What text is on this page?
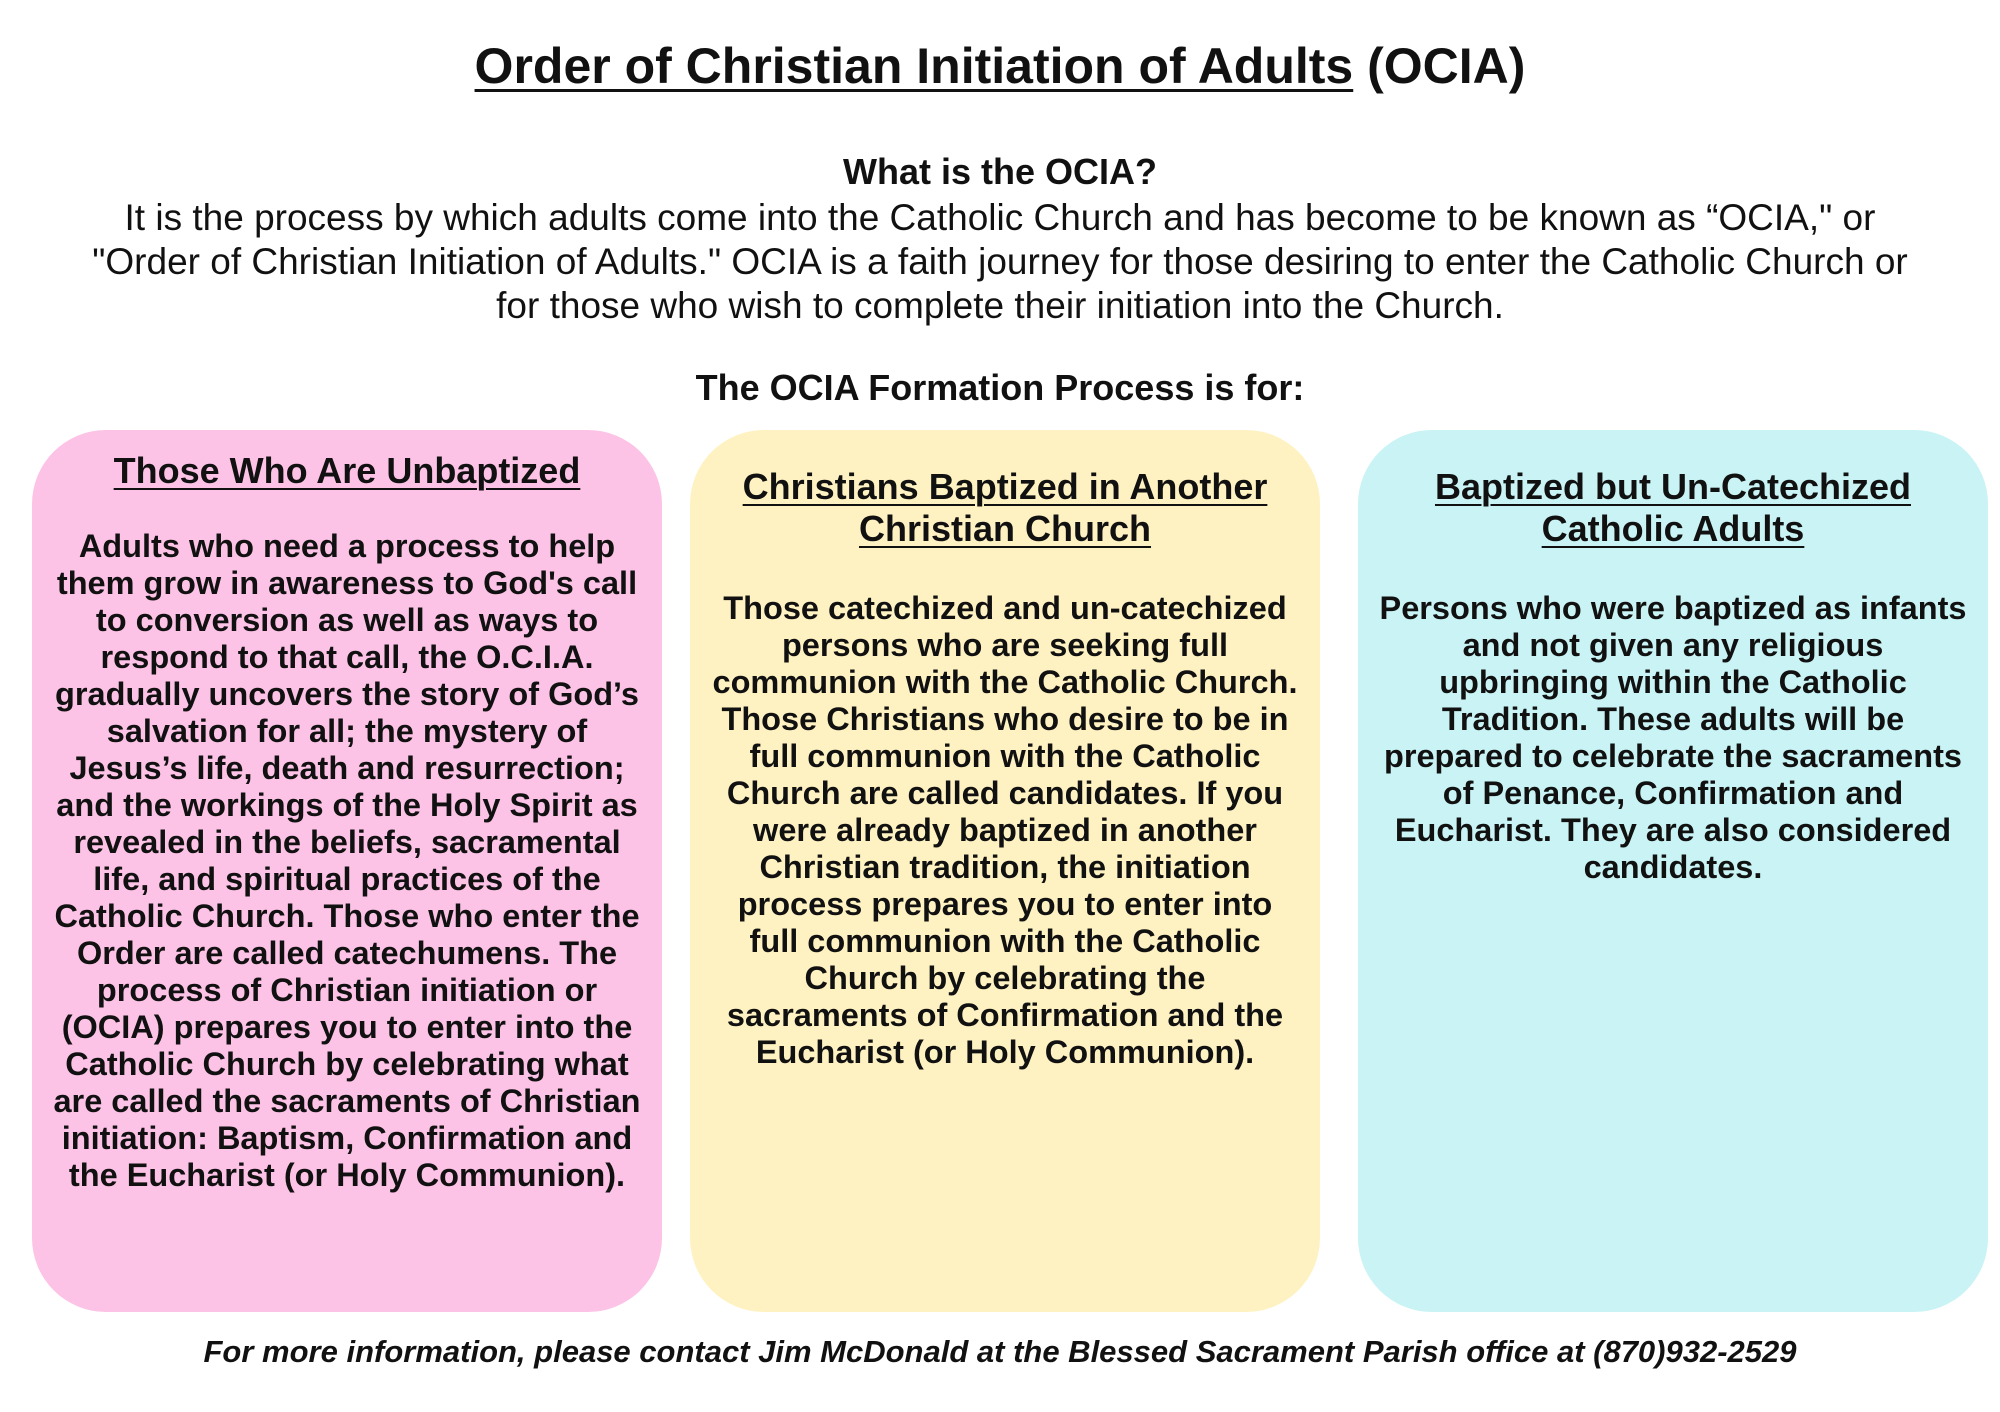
Order of Christian Initiation of Adults (OCIA)
What is the OCIA?
It is the process by which adults come into the Catholic Church and has become to be known as “OCIA," or "Order of Christian Initiation of Adults." OCIA is a faith journey for those desiring to enter the Catholic Church or for those who wish to complete their initiation into the Church.
The OCIA Formation Process is for:
Those Who Are Unbaptized
Adults who need a process to help them grow in awareness to God's call to conversion as well as ways to respond to that call, the O.C.I.A. gradually uncovers the story of God’s salvation for all; the mystery of Jesus’s life, death and resurrection; and the workings of the Holy Spirit as revealed in the beliefs, sacramental life, and spiritual practices of the Catholic Church. Those who enter the Order are called catechumens. The process of Christian initiation or (OCIA) prepares you to enter into the Catholic Church by celebrating what are called the sacraments of Christian initiation: Baptism, Confirmation and the Eucharist (or Holy Communion).
Christians Baptized in Another Christian Church
Those catechized and un-catechized persons who are seeking full communion with the Catholic Church. Those Christians who desire to be in full communion with the Catholic Church are called candidates. If you were already baptized in another Christian tradition, the initiation process prepares you to enter into full communion with the Catholic Church by celebrating the sacraments of Confirmation and the Eucharist (or Holy Communion).
Baptized but Un-Catechized Catholic Adults
Persons who were baptized as infants and not given any religious upbringing within the Catholic Tradition. These adults will be prepared to celebrate the sacraments of Penance, Confirmation and Eucharist. They are also considered candidates.
For more information, please contact Jim McDonald at the Blessed Sacrament Parish office at (870)932-2529
